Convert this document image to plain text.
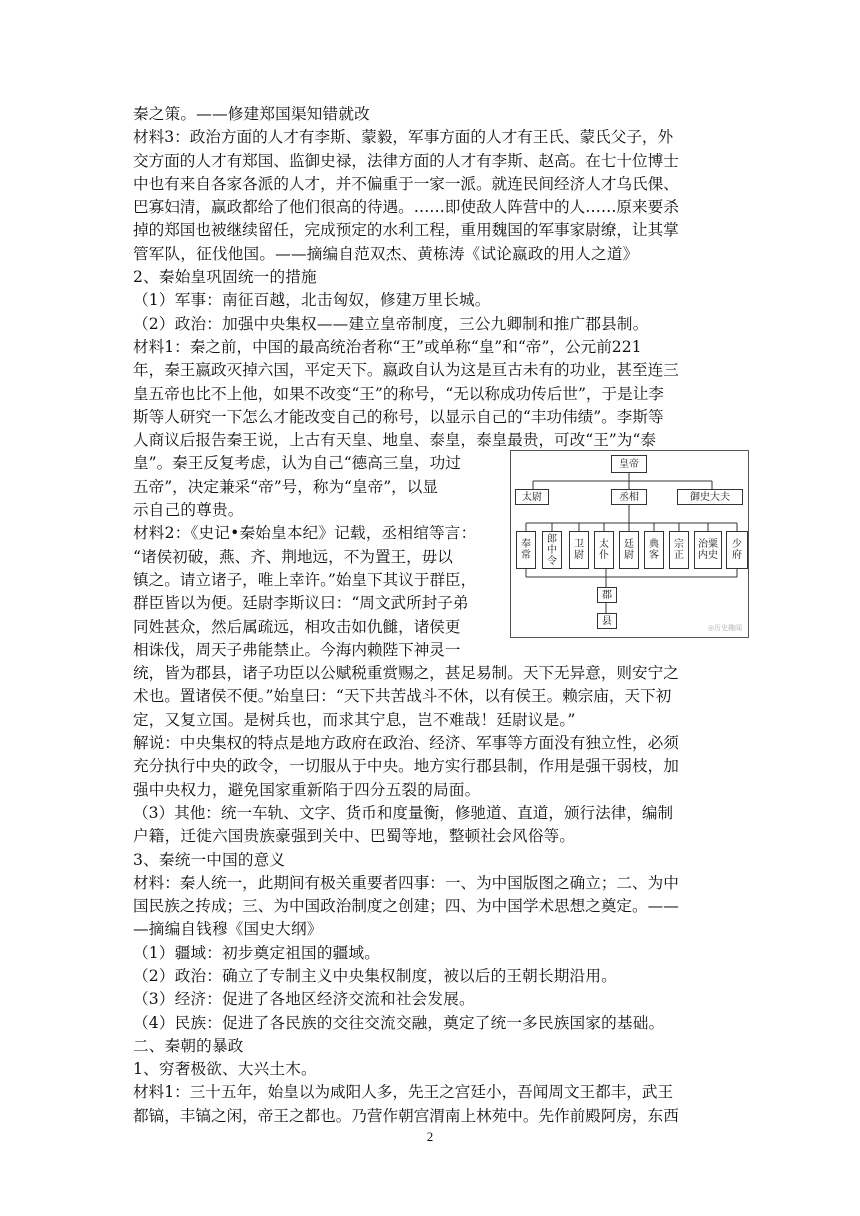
秦之策。——修建郑国渠知错就改
材料3：政治方面的人才有李斯、蒙毅，军事方面的人才有王氏、蒙氏父子，外
交方面的人才有郑国、监御史禄，法律方面的人才有李斯、赵高。在七十位博士
中也有来自各家各派的人才，并不偏重于一家一派。就连民间经济人才乌氏倮、
巴寡妇清，赢政都给了他们很高的待遇。……即使敌人阵营中的人……原来要杀
掉的郑国也被继续留任，完成预定的水利工程，重用魏国的军事家尉缭，让其掌
管军队，征伐他国。——摘编自范双杰、黄栋涛《试论嬴政的用人之道》
2、秦始皇巩固统一的措施
（1）军事：南征百越，北击匈奴，修建万里长城。
（2）政治：加强中央集权——建立皇帝制度，三公九卿制和推广郡县制。
材料1：秦之前，中国的最高统治者称“王”或单称“皇”和“帝”，公元前221
年，秦王嬴政灭掉六国，平定天下。嬴政自认为这是亘古未有的功业，甚至连三
皇五帝也比不上他，如果不改变“王”的称号，“无以称成功传后世”，于是让李
斯等人研究一下怎么才能改变自己的称号，以显示自己的“丰功伟绩”。李斯等
人商议后报告秦王说，上古有天皇、地皇、泰皇，泰皇最贵，可改“王”为“泰
皇”。秦王反复考虑，认为自己“德高三皇，功过
五帝”，决定兼采“帝”号，称为“皇帝”，以显
示自己的尊贵。
材料2：《史记•秦始皇本纪》记载，丞相绾等言：
“诸侯初破，燕、齐、荆地远，不为置王，毋以
镇之。请立诸子，唯上幸许。”始皇下其议于群臣，
群臣皆以为便。廷尉李斯议曰：“周文武所封子弟
同姓甚众，然后属疏远，相攻击如仇雠，诸侯更
相诛伐，周天子弗能禁止。今海内赖陛下神灵一
统，皆为郡县，诸子功臣以公赋税重赏赐之，甚足易制。天下无异意，则安宁之
术也。置诸侯不便。”始皇曰：“天下共苦战斗不休，以有侯王。赖宗庙，天下初
定，又复立国。是树兵也，而求其宁息，岂不难哉！廷尉议是。”
解说：中央集权的特点是地方政府在政治、经济、军事等方面没有独立性，必须
充分执行中央的政令，一切服从于中央。地方实行郡县制，作用是强干弱枝，加
强中央权力，避免国家重新陷于四分五裂的局面。
（3）其他：统一车轨、文字、货币和度量衡，修驰道、直道，颁行法律，编制
户籍，迁徙六国贵族豪强到关中、巴蜀等地，整顿社会风俗等。
3、秦统一中国的意义
材料：秦人统一，此期间有极关重要者四事：一、为中国版图之确立；二、为中
国民族之抟成；三、为中国政治制度之创建；四、为中国学术思想之奠定。——
—摘编自钱穆《国史大纲》
（1）疆域：初步奠定祖国的疆域。
（2）政治：确立了专制主义中央集权制度，被以后的王朝长期沿用。
（3）经济：促进了各地区经济交流和社会发展。
（4）民族：促进了各民族的交往交流交融，奠定了统一多民族国家的基础。
二、秦朝的暴政
1、穷奢极欲、大兴土木。
材料1：三十五年，始皇以为咸阳人多，先王之宫廷小，吾闻周文王都丰，武王
都镐，丰镐之闲，帝王之都也。乃营作朝宫渭南上林苑中。先作前殿阿房，东西
皇帝
太尉	丞相	御史大夫
奉常
郎中令
卫尉
太仆
廷尉
典客
宗正
治粟内史
少府
郡
县
◎历史趣闻
2
